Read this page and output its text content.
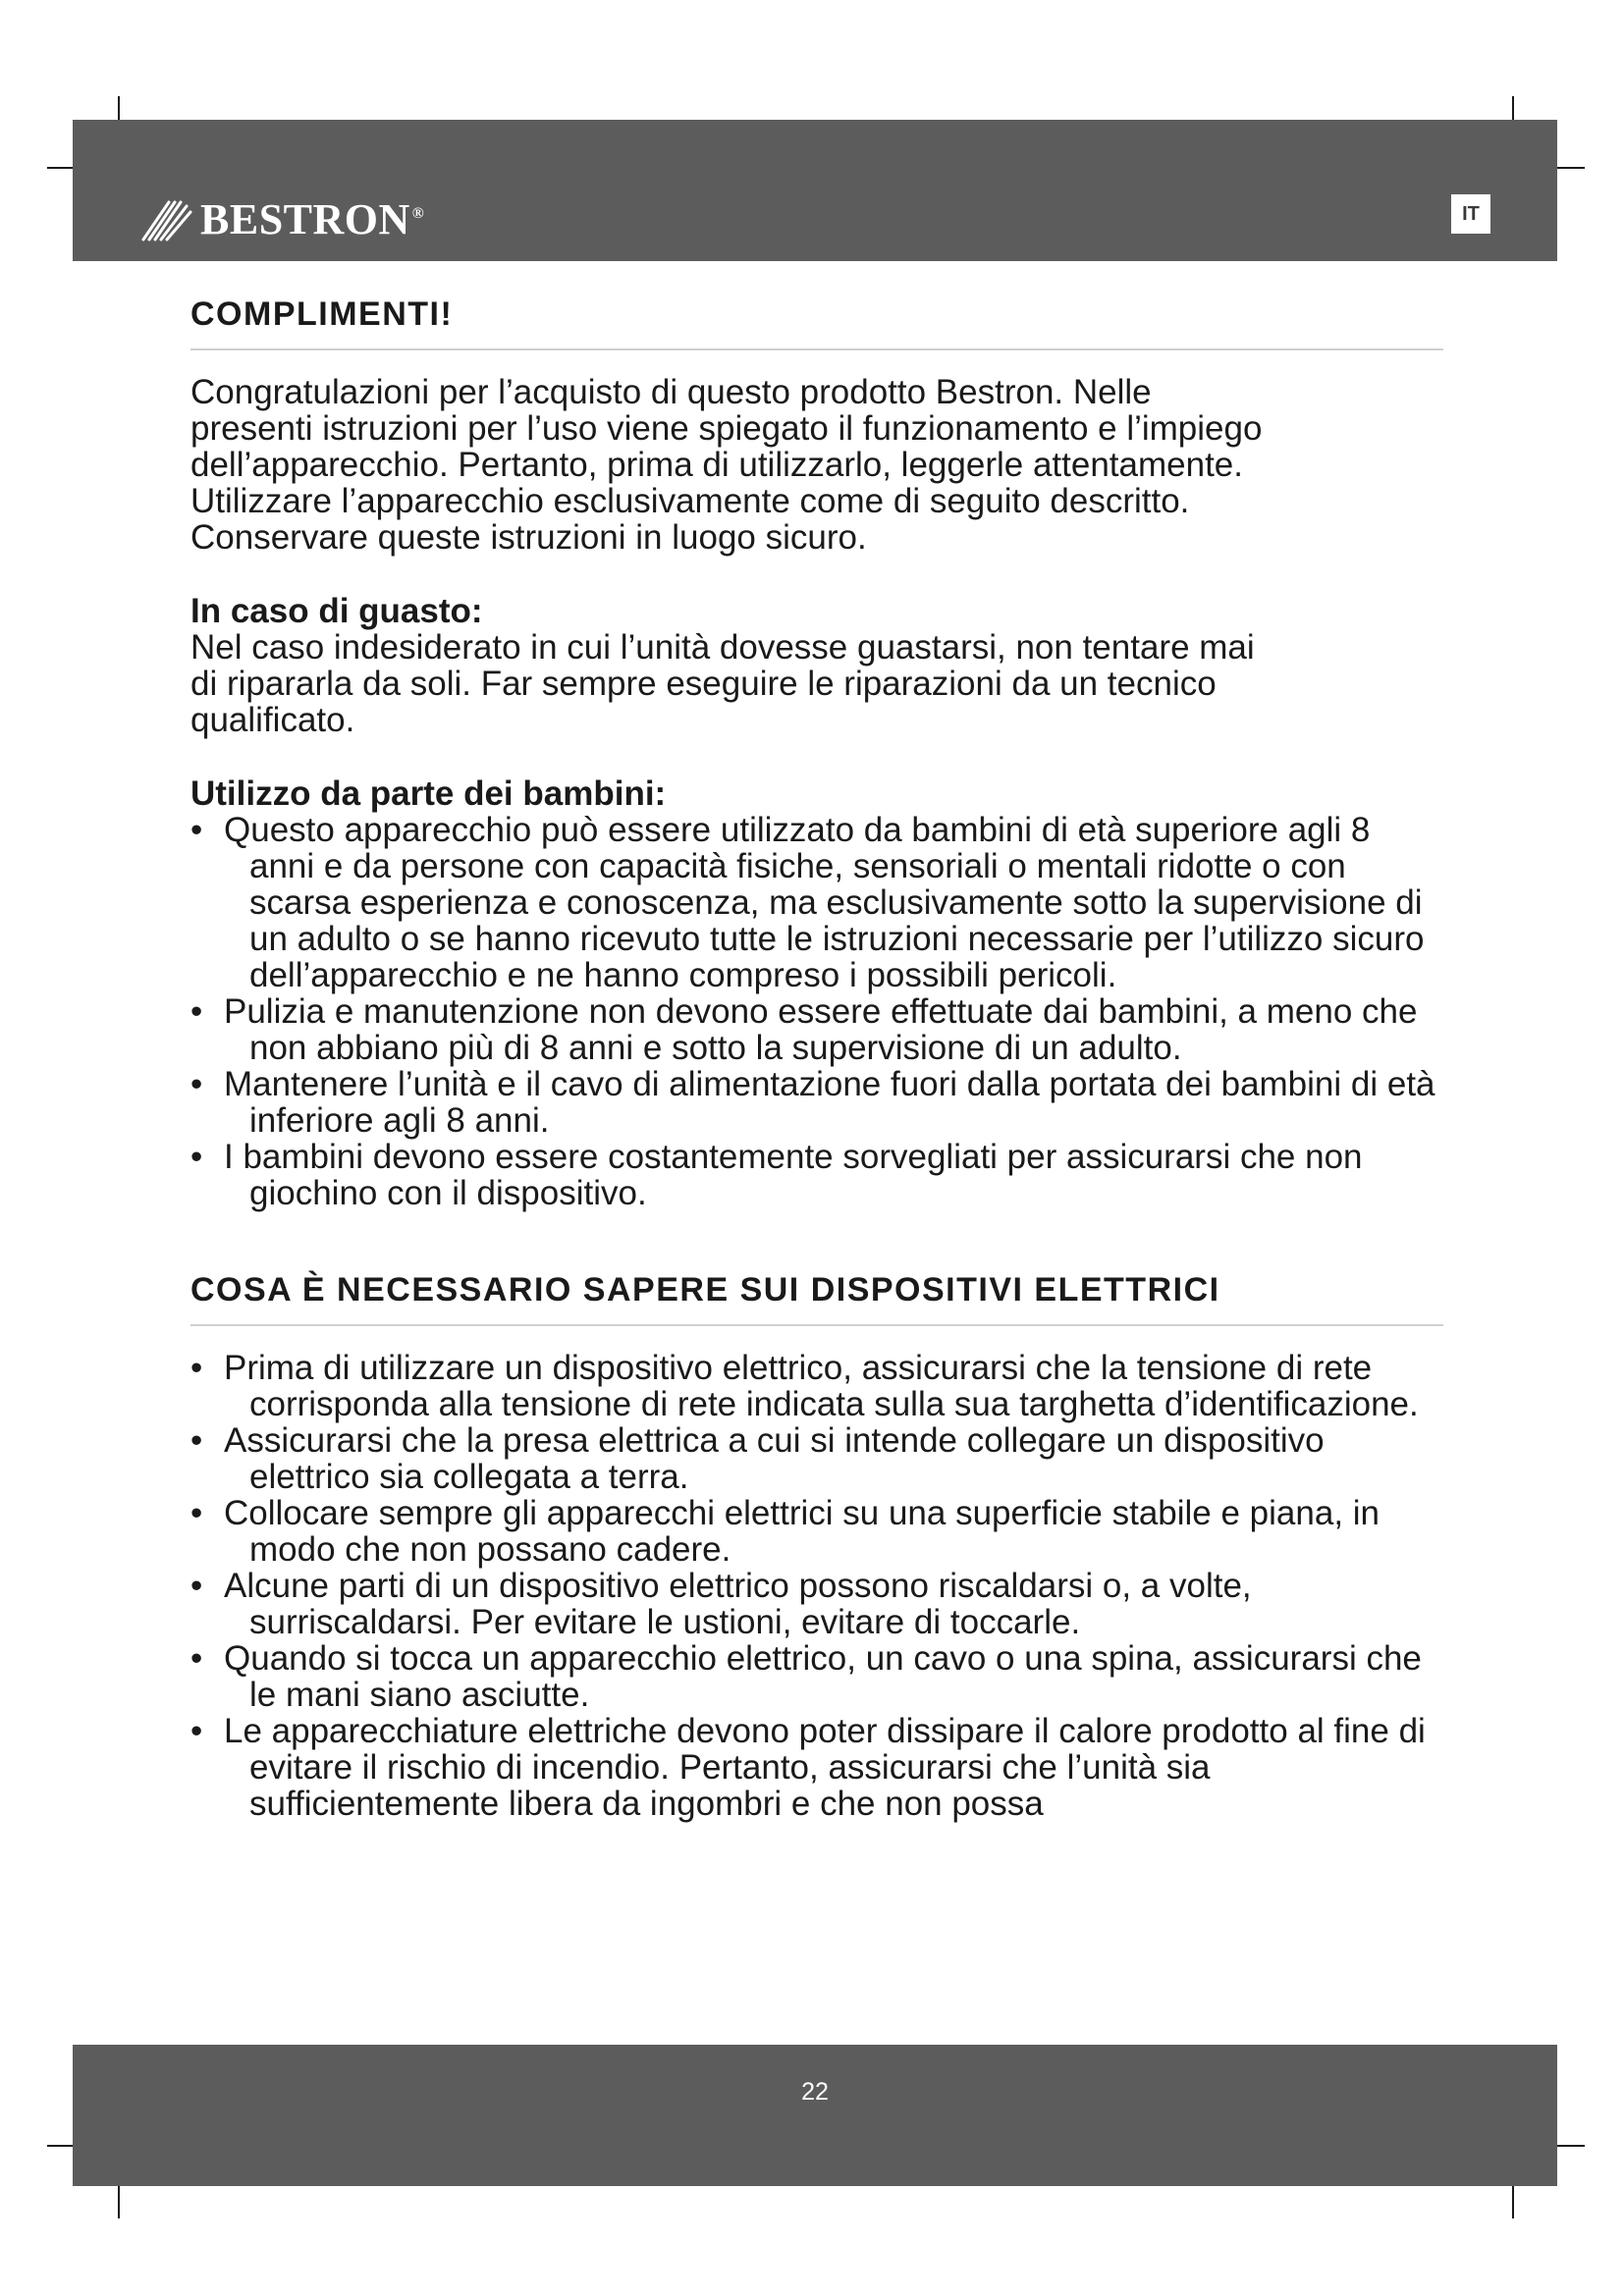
BESTRON ®	IT
COMPLIMENTI!

Congratulazioni per l’acquisto di questo prodotto Bestron. Nelle
presenti istruzioni per l’uso viene spiegato il funzionamento e l’impiego
dell’apparecchio. Pertanto, prima di utilizzarlo, leggerle attentamente.
Utilizzare l’apparecchio esclusivamente come di seguito descritto.
Conservare queste istruzioni in luogo sicuro.

In caso di guasto:

Nel caso indesiderato in cui l’unità dovesse guastarsi, non tentare mai
di ripararla da soli. Far sempre eseguire le riparazioni da un tecnico
qualificato.

Utilizzo da parte dei bambini:

• Questo apparecchio può essere utilizzato da bambini di età superiore agli 8 anni e da persone con capacità fisiche, sensoriali o mentali ridotte o con scarsa esperienza e conoscenza, ma esclusivamente sotto la supervisione di un adulto o se hanno ricevuto tutte le istruzioni necessarie per l’utilizzo sicuro dell’apparecchio e ne hanno compreso i possibili pericoli.
• Pulizia e manutenzione non devono essere effettuate dai bambini, a meno che non abbiano più di 8 anni e sotto la supervisione di un adulto.
• Mantenere l’unità e il cavo di alimentazione fuori dalla portata dei bambini di età inferiore agli 8 anni.
• I bambini devono essere costantemente sorvegliati per assicurarsi che non giochino con il dispositivo.
COSA È NECESSARIO SAPERE SUI DISPOSITIVI ELETTRICI
• Prima di utilizzare un dispositivo elettrico, assicurarsi che la tensione di rete corrisponda alla tensione di rete indicata sulla sua targhetta d’identificazione.
• Assicurarsi che la presa elettrica a cui si intende collegare un dispositivo elettrico sia collegata a terra.
• Collocare sempre gli apparecchi elettrici su una superficie stabile e piana, in modo che non possano cadere.
• Alcune parti di un dispositivo elettrico possono riscaldarsi o, a volte, surriscaldarsi. Per evitare le ustioni, evitare di toccarle.
• Quando si tocca un apparecchio elettrico, un cavo o una spina, assicurarsi che le mani siano asciutte.
• Le apparecchiature elettriche devono poter dissipare il calore prodotto al fine di evitare il rischio di incendio. Pertanto, assicurarsi che l’unità sia sufficientemente libera da ingombri e che non possa
22
